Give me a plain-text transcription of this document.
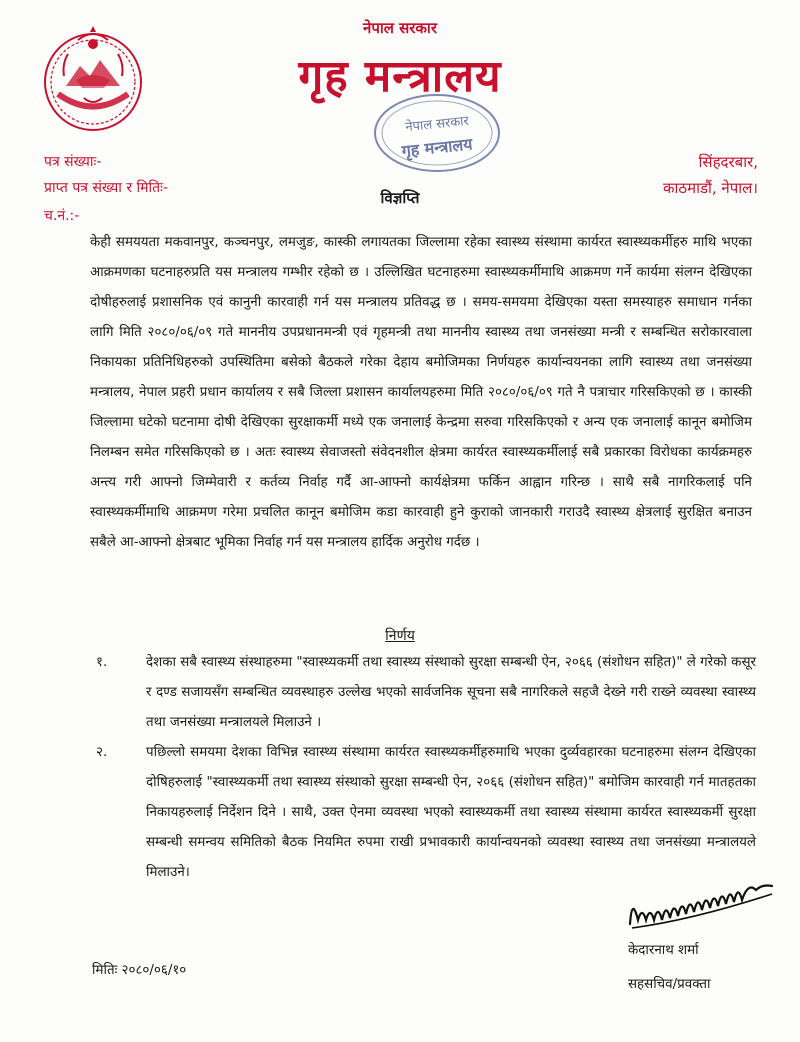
नेपाल सरकार
गृह मन्त्रालय
नेपाल सरकार
गृह मन्त्रालय
पत्र संख्याः-
प्राप्त पत्र संख्या र मितिः-
च.नं.:-
सिंहदरबार,
काठमाडौं, नेपाल।
विज्ञप्ति
केही समययता मकवानपुर, कञ्चनपुर, लमजुङ, कास्की लगायतका जिल्लामा रहेका स्वास्थ्य संस्थामा कार्यरत स्वास्थ्यकर्मीहरु माथि भएका आक्रमणका घटनाहरुप्रति यस मन्त्रालय गम्भीर रहेको छ । उल्लिखित घटनाहरुमा स्वास्थ्यकर्मीमाथि आक्रमण गर्ने कार्यमा संलग्न देखिएका दोषीहरुलाई प्रशासनिक एवं कानुनी कारवाही गर्न यस मन्त्रालय प्रतिवद्ध छ । समय-समयमा देखिएका यस्ता समस्याहरु समाधान गर्नका लागि मिति २०८०/०६/०९ गते माननीय उपप्रधानमन्त्री एवं गृहमन्त्री तथा माननीय स्वास्थ्य तथा जनसंख्या मन्त्री र सम्बन्धित सरोकारवाला निकायका प्रतिनिधिहरुको उपस्थितिमा बसेको बैठकले गरेका देहाय बमोजिमका निर्णयहरु कार्यान्वयनका लागि स्वास्थ्य तथा जनसंख्या मन्त्रालय, नेपाल प्रहरी प्रधान कार्यालय र सबै जिल्ला प्रशासन कार्यालयहरुमा मिति २०८०/०६/०९ गते नै पत्राचार गरिसकिएको छ । कास्की जिल्लामा घटेको घटनामा दोषी देखिएका सुरक्षाकर्मी मध्ये एक जनालाई केन्द्रमा सरुवा गरिसकिएको र अन्य एक जनालाई कानून बमोजिम निलम्बन समेत गरिसकिएको छ । अतः स्वास्थ्य सेवाजस्तो संवेदनशील क्षेत्रमा कार्यरत स्वास्थ्यकर्मीलाई सबै प्रकारका विरोधका कार्यक्रमहरु अन्त्य गरी आफ्नो जिम्मेवारी र कर्तव्य निर्वाह गर्दै आ-आफ्नो कार्यक्षेत्रमा फर्किन आह्वान गरिन्छ । साथै सबै नागरिकलाई पनि स्वास्थ्यकर्मीमाथि आक्रमण गरेमा प्रचलित कानून बमोजिम कडा कारवाही हुने कुराको जानकारी गराउदै स्वास्थ्य क्षेत्रलाई सुरक्षित बनाउन सबैले आ-आफ्नो क्षेत्रबाट भूमिका निर्वाह गर्न यस मन्त्रालय हार्दिक अनुरोध गर्दछ ।
निर्णय
१.	देशका सबै स्वास्थ्य संस्थाहरुमा "स्वास्थ्यकर्मी तथा स्वास्थ्य संस्थाको सुरक्षा सम्बन्धी ऐन, २०६६ (संशोधन सहित)" ले गरेको कसूर र दण्ड सजायसँग सम्बन्धित व्यवस्थाहरु उल्लेख भएको सार्वजनिक सूचना सबै नागरिकले सहजै देख्ने गरी राख्ने व्यवस्था स्वास्थ्य तथा जनसंख्या मन्त्रालयले मिलाउने ।
२.	पछिल्लो समयमा देशका विभिन्न स्वास्थ्य संस्थामा कार्यरत स्वास्थ्यकर्मीहरुमाथि भएका दुर्व्यवहारका घटनाहरुमा संलग्न देखिएका दोषिहरुलाई "स्वास्थ्यकर्मी तथा स्वास्थ्य संस्थाको सुरक्षा सम्बन्धी ऐन, २०६६ (संशोधन सहित)" बमोजिम कारवाही गर्न मातहतका निकायहरुलाई निर्देशन दिने । साथै, उक्त ऐनमा व्यवस्था भएको स्वास्थ्यकर्मी तथा स्वास्थ्य संस्थामा कार्यरत स्वास्थ्यकर्मी सुरक्षा सम्बन्धी समन्वय समितिको बैठक नियमित रुपमा राखी प्रभावकारी कार्यान्वयनको व्यवस्था स्वास्थ्य तथा जनसंख्या मन्त्रालयले मिलाउने।
केदारनाथ शर्मा
सहसचिव/प्रवक्ता
मितिः २०८०/०६/१०
